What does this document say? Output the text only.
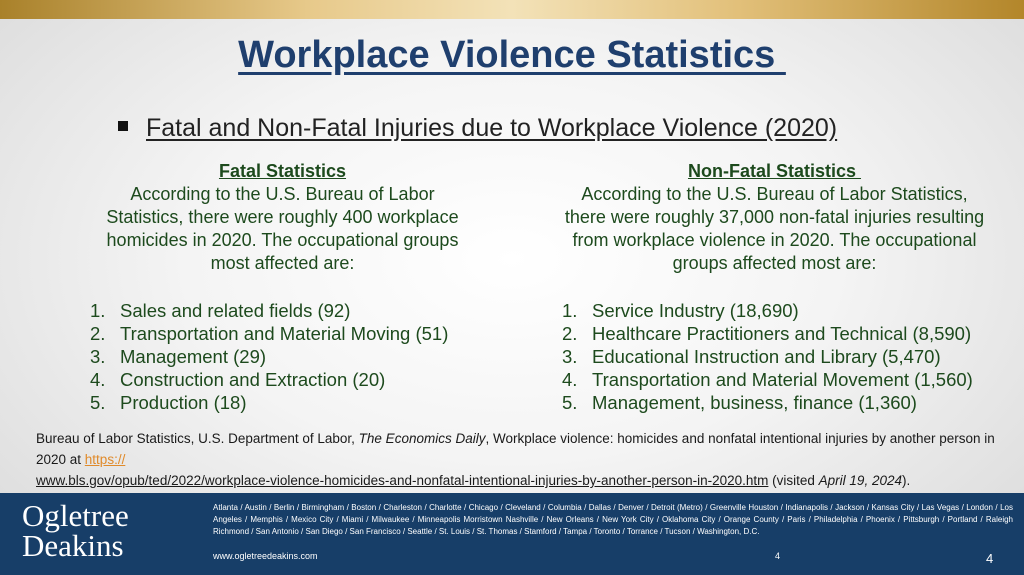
Workplace Violence Statistics
Fatal and Non-Fatal Injuries due to Workplace Violence (2020)
Fatal Statistics
According to the U.S. Bureau of Labor Statistics, there were roughly 400 workplace homicides in 2020. The occupational groups most affected are:
1. Sales and related fields (92)
2. Transportation and Material Moving (51)
3. Management (29)
4. Construction and Extraction (20)
5. Production (18)
Non-Fatal Statistics
According to the U.S. Bureau of Labor Statistics, there were roughly 37,000 non-fatal injuries resulting from workplace violence in 2020. The occupational groups affected most are:
1. Service Industry (18,690)
2. Healthcare Practitioners and Technical (8,590)
3. Educational Instruction and Library (5,470)
4. Transportation and Material Movement (1,560)
5. Management, business, finance (1,360)
Bureau of Labor Statistics, U.S. Department of Labor, The Economics Daily, Workplace violence: homicides and nonfatal intentional injuries by another person in 2020 at https://
www.bls.gov/opub/ted/2022/workplace-violence-homicides-and-nonfatal-intentional-injuries-by-another-person-in-2020.htm (visited April 19, 2024).
Ogletree
Deakins
Atlanta / Austin / Berlin / Birmingham / Boston / Charleston / Charlotte / Chicago / Cleveland / Columbia / Dallas / Denver / Detroit (Metro) / Greenville Houston / Indianapolis / Jackson / Kansas City / Las Vegas / London / Los Angeles / Memphis / Mexico City / Miami / Milwaukee / Minneapolis Morristown Nashville / New Orleans / New York City / Oklahoma City / Orange County / Paris / Philadelphia / Phoenix / Pittsburgh / Portland / Raleigh Richmond / San Antonio / San Diego / San Francisco / Seattle / St. Louis / St. Thomas / Stamford / Tampa / Toronto / Torrance / Tucson / Washington, D.C.
www.ogletreedeakins.com	4	4
